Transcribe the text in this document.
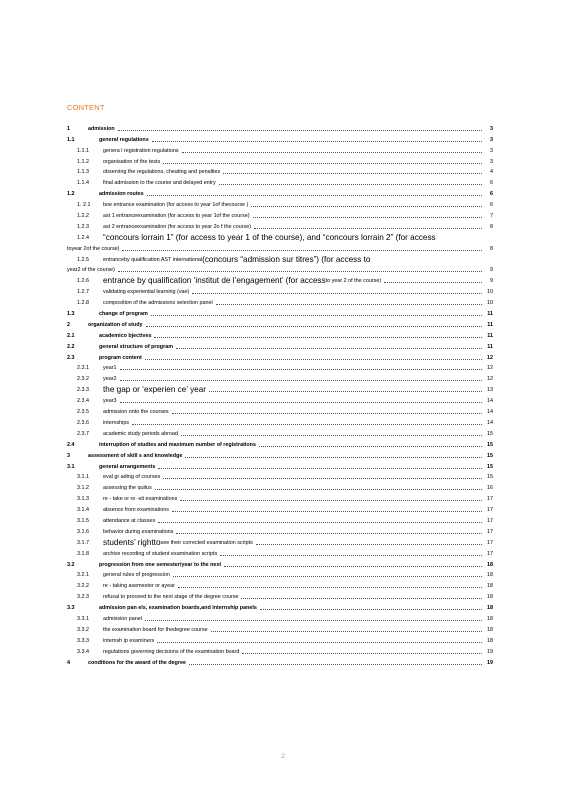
CONTENT
1	admission	3
1.1	general regulations	3
1.1.1	genera l registration regulations	3
1.1.2	organisation of the tests	3
1.1.3	observing the regulations, cheating and penalties	4
1.1.4	final admission to the course and delayed entry	6
1.2	admission routes	6
1. 2.1	boe entrance examination (for access to year 1of thecourse )	6
1.2.2	ast 1 entranceexamination (for access to year 1of the course)	7
1.2.3	ast 2 entranceexamination (for access to year 2o f the course)	8
1.2.4	“concours lorrain 1” (for access to year 1 of the course), and “concours lorrain 2” (for access
toyear 2of the course)	8
1.2.5	entranceby qualification AST international (concours “admission sur titres”) (for access to
year2 of the course)	9
1.2.6	entrance by qualification ‘institut de l’engagement’ (for access to year 2 of the course)	9
1.2.7	validating experiential learning (vae)	10
1.2.8	composition of the admissions selection panel	10
1.3	change of program	11
2	organization of study	11
2.1	academico bjectives	11
2.2	general structure of program	11
2.3	program content	12
2.3.1	year1	12
2.3.2	year2	12
2.3.3	the gap or ‘experien ce’ year	13
2.3.4	year3	14
2.3.5	admission onto the courses	14
2.3.6	internships	14
2.3.7	academic study periods abroad	15
2.4	interruption of studies and maximum number of registrations	15
3	assessment of skill s and knowledge	15
3.1	general arrangements	15
3.1.1	eval gr ading of courses	15
3.1.2	assessing the quitus	16
3.1.3	re - take or re -sit examinations	17
3.1.4	absence from examinations	17
3.1.5	attendance at classes	17
3.1.6	behavior during examinations	17
3.1.7	students’ rightto see their corrected examination scripts	17
3.1.8	archive recording of student examination scripts	17
3.2	progression from one semester/year to the next	18
3.2.1	general rules of progression	18
3.2.2	re - taking asemester or ayear	18
3.2.3	refusal to proceed to the next stage of the degree course	18
3.3	admission pan els, examination boards,and internship panels	18
3.3.1	admission panel	18
3.3.2	the examination board for thedegree course	18
3.3.3	internsh ip examiners	18
3.3.4	regulations governing decisions of the examination board	19
4	conditions for the award of the degree	19
2
